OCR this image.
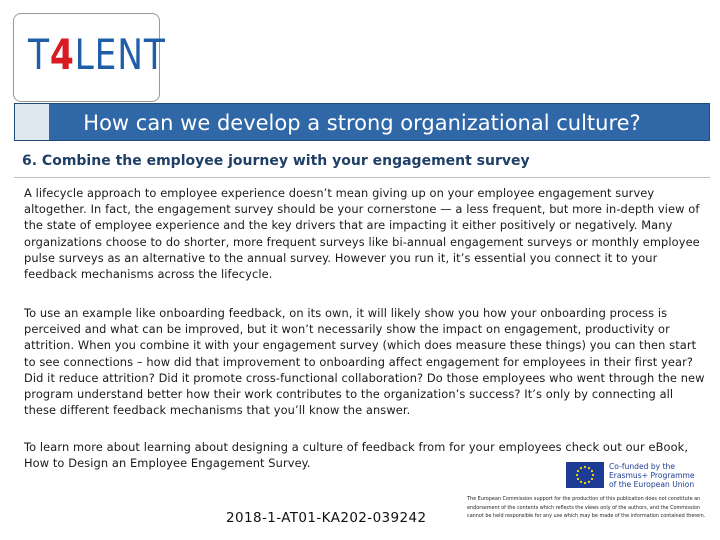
T4LENT
How can we develop a strong organizational culture?
6. Combine the employee journey with your engagement survey

A lifecycle approach to employee experience doesn’t mean giving up on your employee engagement survey altogether. In fact, the engagement survey should be your cornerstone — a less frequent, but more in-depth view of the state of employee experience and the key drivers that are impacting it either positively or negatively. Many organizations choose to do shorter, more frequent surveys like bi-annual engagement surveys or monthly employee pulse surveys as an alternative to the annual survey. However you run it, it’s essential you connect it to your feedback mechanisms across the lifecycle.

To use an example like onboarding feedback, on its own, it will likely show you how your onboarding process is perceived and what can be improved, but it won’t necessarily show the impact on engagement, productivity or attrition. When you combine it with your engagement survey (which does measure these things) you can then start to see connections – how did that improvement to onboarding affect engagement for employees in their first year? Did it reduce attrition? Did it promote cross-functional collaboration? Do those employees who went through the new program understand better how their work contributes to the organization’s success? It’s only by connecting all these different feedback mechanisms that you’ll know the answer.

To learn more about learning about designing a culture of feedback from for your employees check out our eBook, How to Design an Employee Engagement Survey.	Co-funded by the
Erasmus+ Programme
of the European Union
2018-1-AT01-KA202-039242
The European Commission support for the production of this publication does not constitute an endorsement of the contents which reflects the views only of the authors, and the Commission cannot be held responsible for any use which may be made of the information contained therein.
